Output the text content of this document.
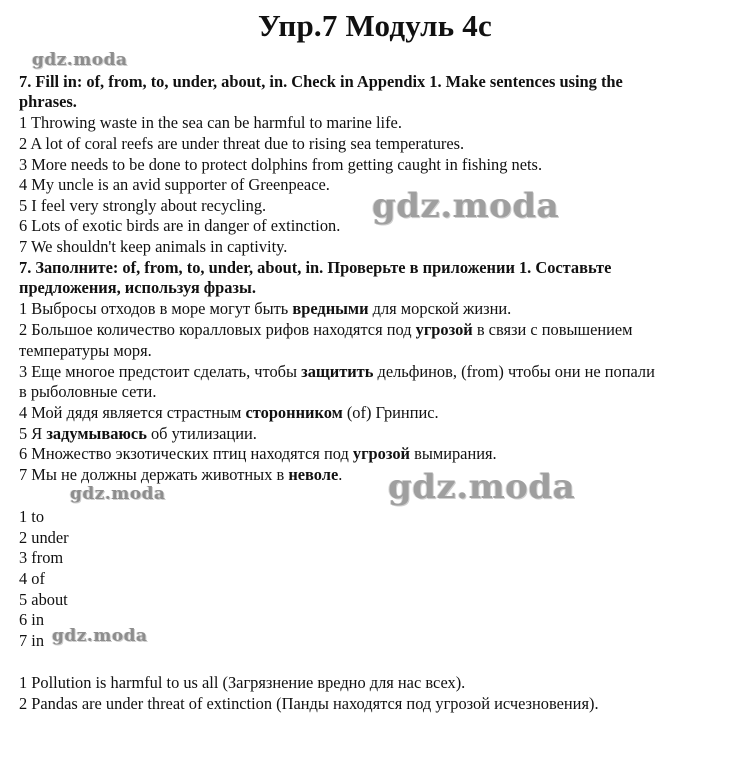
Упр.7 Модуль 4с
gdz.moda
gdz.moda
gdz.moda
gdz.moda
gdz.moda
7. Fill in: of, from, to, under, about, in. Check in Appendix 1. Make sentences using the
phrases.
1 Throwing waste in the sea can be harmful to marine life.
2 A lot of coral reefs are under threat due to rising sea temperatures.
3 More needs to be done to protect dolphins from getting caught in fishing nets.
4 My uncle is an avid supporter of Greenpeace.
5 I feel very strongly about recycling.
6 Lots of exotic birds are in danger of extinction.
7 We shouldn't keep animals in captivity.
7. Заполните: of, from, to, under, about, in. Проверьте в приложении 1. Составьте
предложения, используя фразы.
1 Выбросы отходов в море могут быть вредными для морской жизни.
2 Большое количество коралловых рифов находятся под угрозой в связи с повышением
температуры моря.
3 Еще многое предстоит сделать, чтобы защитить дельфинов, (from) чтобы они не попали
в рыболовные сети.
4 Мой дядя является страстным сторонником (of) Гринпис.
5 Я задумываюсь об утилизации.
6 Множество экзотических птиц находятся под угрозой вымирания.
7 Мы не должны держать животных в неволе.
1 to
2 under
3 from
4 of
5 about
6 in
7 in
1 Pollution is harmful to us all (Загрязнение вредно для нас всех).
2 Pandas are under threat of extinction (Панды находятся под угрозой исчезновения).
